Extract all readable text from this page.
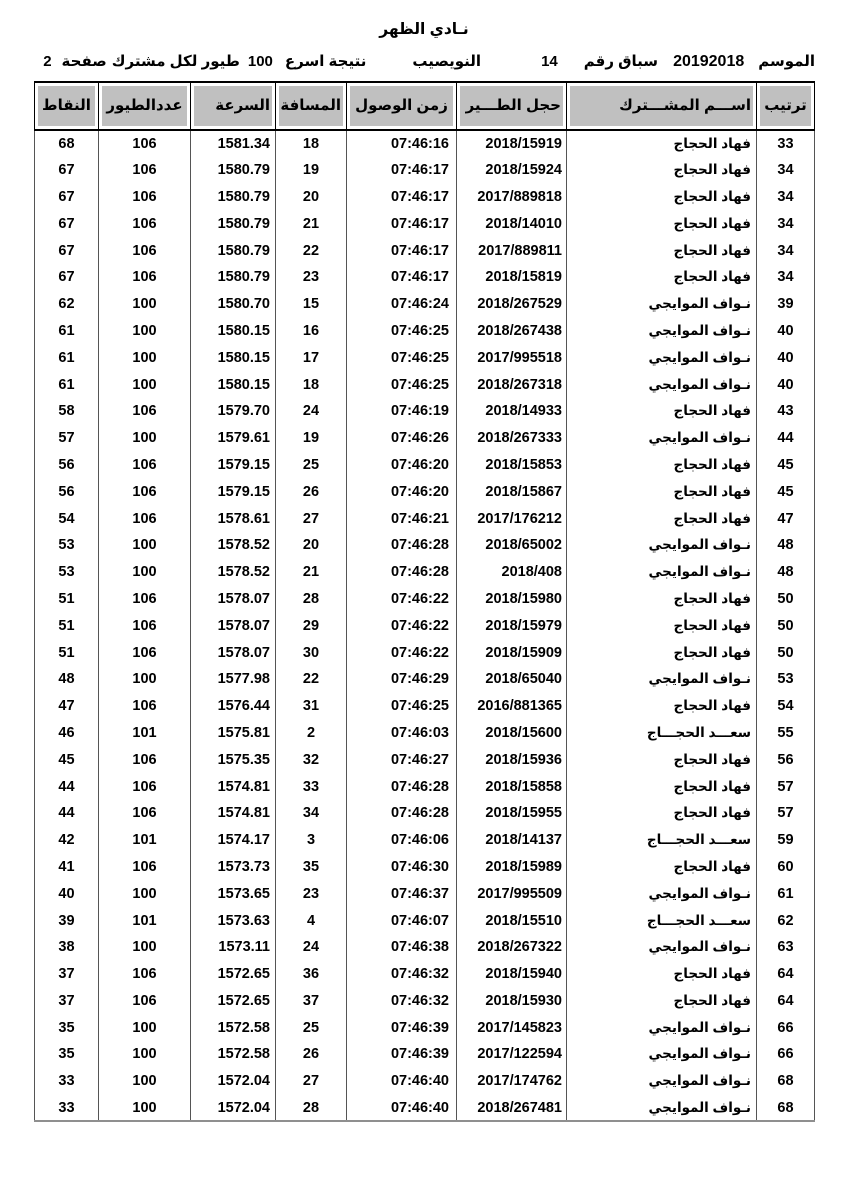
نـادي الظهر
الموسم
20192018
سباق رقم
14
النويصيب
نتيجة اسرع
100
طيور لكل مشترك
صفحة
2
ترتيب	اســـم المشـــترك	حجل الطـــير	زمن الوصول	المسافة	السرعة	عددالطيور	النقاط

33	فهاد الحجاج	2018/15919	07:46:16	18	1581.34	106	68
34	فهاد الحجاج	2018/15924	07:46:17	19	1580.79	106	67
34	فهاد الحجاج	2017/889818	07:46:17	20	1580.79	106	67
34	فهاد الحجاج	2018/14010	07:46:17	21	1580.79	106	67
34	فهاد الحجاج	2017/889811	07:46:17	22	1580.79	106	67
34	فهاد الحجاج	2018/15819	07:46:17	23	1580.79	106	67
39	نـواف الموايجي	2018/267529	07:46:24	15	1580.70	100	62
40	نـواف الموايجي	2018/267438	07:46:25	16	1580.15	100	61
40	نـواف الموايجي	2017/995518	07:46:25	17	1580.15	100	61
40	نـواف الموايجي	2018/267318	07:46:25	18	1580.15	100	61
43	فهاد الحجاج	2018/14933	07:46:19	24	1579.70	106	58
44	نـواف الموايجي	2018/267333	07:46:26	19	1579.61	100	57
45	فهاد الحجاج	2018/15853	07:46:20	25	1579.15	106	56
45	فهاد الحجاج	2018/15867	07:46:20	26	1579.15	106	56
47	فهاد الحجاج	2017/176212	07:46:21	27	1578.61	106	54
48	نـواف الموايجي	2018/65002	07:46:28	20	1578.52	100	53
48	نـواف الموايجي	2018/408	07:46:28	21	1578.52	100	53
50	فهاد الحجاج	2018/15980	07:46:22	28	1578.07	106	51
50	فهاد الحجاج	2018/15979	07:46:22	29	1578.07	106	51
50	فهاد الحجاج	2018/15909	07:46:22	30	1578.07	106	51
53	نـواف الموايجي	2018/65040	07:46:29	22	1577.98	100	48
54	فهاد الحجاج	2016/881365	07:46:25	31	1576.44	106	47
55	سعـــد الحجـــاج	2018/15600	07:46:03	2	1575.81	101	46
56	فهاد الحجاج	2018/15936	07:46:27	32	1575.35	106	45
57	فهاد الحجاج	2018/15858	07:46:28	33	1574.81	106	44
57	فهاد الحجاج	2018/15955	07:46:28	34	1574.81	106	44
59	سعـــد الحجـــاج	2018/14137	07:46:06	3	1574.17	101	42
60	فهاد الحجاج	2018/15989	07:46:30	35	1573.73	106	41
61	نـواف الموايجي	2017/995509	07:46:37	23	1573.65	100	40
62	سعـــد الحجـــاج	2018/15510	07:46:07	4	1573.63	101	39
63	نـواف الموايجي	2018/267322	07:46:38	24	1573.11	100	38
64	فهاد الحجاج	2018/15940	07:46:32	36	1572.65	106	37
64	فهاد الحجاج	2018/15930	07:46:32	37	1572.65	106	37
66	نـواف الموايجي	2017/145823	07:46:39	25	1572.58	100	35
66	نـواف الموايجي	2017/122594	07:46:39	26	1572.58	100	35
68	نـواف الموايجي	2017/174762	07:46:40	27	1572.04	100	33
68	نـواف الموايجي	2018/267481	07:46:40	28	1572.04	100	33
